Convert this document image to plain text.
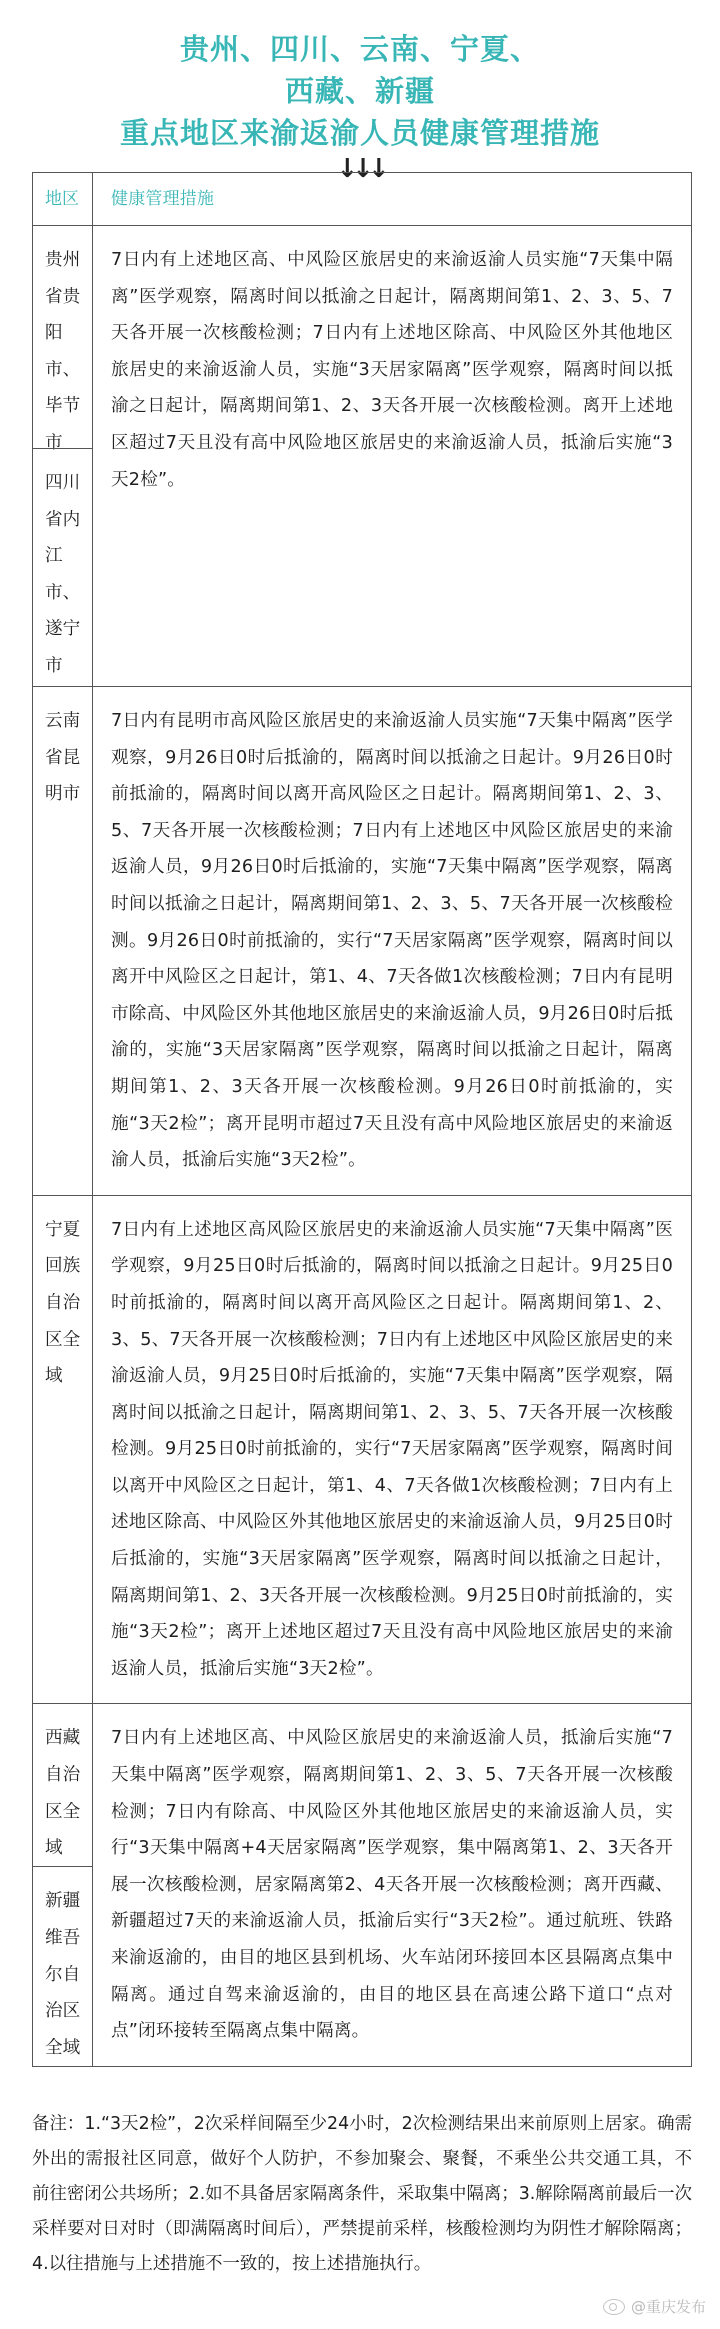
贵州、四川、云南、宁夏、
西藏、新疆
重点地区来渝返渝人员健康管理措施
↓↓↓
地区	健康管理措施
贵州省贵阳市、毕节市
四川省内江市、遂宁市
7日内有上述地区高、中风险区旅居史的来渝返渝人员实施“7天集中隔离”医学观察，隔离时间以抵渝之日起计，隔离期间第1、2、3、5、7天各开展一次核酸检测；7日内有上述地区除高、中风险区外其他地区旅居史的来渝返渝人员，实施“3天居家隔离”医学观察，隔离时间以抵渝之日起计，隔离期间第1、2、3天各开展一次核酸检测。离开上述地区超过7天且没有高中风险地区旅居史的来渝返渝人员，抵渝后实施“3天2检”。
云南省昆明市
7日内有昆明市高风险区旅居史的来渝返渝人员实施“7天集中隔离”医学观察，9月26日0时后抵渝的，隔离时间以抵渝之日起计。9月26日0时前抵渝的，隔离时间以离开高风险区之日起计。隔离期间第1、2、3、5、7天各开展一次核酸检测；7日内有上述地区中风险区旅居史的来渝返渝人员，9月26日0时后抵渝的，实施“7天集中隔离”医学观察，隔离时间以抵渝之日起计，隔离期间第1、2、3、5、7天各开展一次核酸检测。9月26日0时前抵渝的，实行“7天居家隔离”医学观察，隔离时间以离开中风险区之日起计，第1、4、7天各做1次核酸检测；7日内有昆明市除高、中风险区外其他地区旅居史的来渝返渝人员，9月26日0时后抵渝的，实施“3天居家隔离”医学观察，隔离时间以抵渝之日起计，隔离期间第1、2、3天各开展一次核酸检测。9月26日0时前抵渝的，实施“3天2检”；离开昆明市超过7天且没有高中风险地区旅居史的来渝返渝人员，抵渝后实施“3天2检”。
宁夏回族自治区全域
7日内有上述地区高风险区旅居史的来渝返渝人员实施“7天集中隔离”医学观察，9月25日0时后抵渝的，隔离时间以抵渝之日起计。9月25日0时前抵渝的，隔离时间以离开高风险区之日起计。隔离期间第1、2、3、5、7天各开展一次核酸检测；7日内有上述地区中风险区旅居史的来渝返渝人员，9月25日0时后抵渝的，实施“7天集中隔离”医学观察，隔离时间以抵渝之日起计，隔离期间第1、2、3、5、7天各开展一次核酸检测。9月25日0时前抵渝的，实行“7天居家隔离”医学观察，隔离时间以离开中风险区之日起计，第1、4、7天各做1次核酸检测；7日内有上述地区除高、中风险区外其他地区旅居史的来渝返渝人员，9月25日0时后抵渝的，实施“3天居家隔离”医学观察，隔离时间以抵渝之日起计，隔离期间第1、2、3天各开展一次核酸检测。9月25日0时前抵渝的，实施“3天2检”；离开上述地区超过7天且没有高中风险地区旅居史的来渝返渝人员，抵渝后实施“3天2检”。
西藏自治区全域
新疆维吾尔自治区全域
7日内有上述地区高、中风险区旅居史的来渝返渝人员，抵渝后实施“7天集中隔离”医学观察，隔离期间第1、2、3、5、7天各开展一次核酸检测；7日内有除高、中风险区外其他地区旅居史的来渝返渝人员，实行“3天集中隔离+4天居家隔离”医学观察，集中隔离第1、2、3天各开展一次核酸检测，居家隔离第2、4天各开展一次核酸检测；离开西藏、新疆超过7天的来渝返渝人员，抵渝后实行“3天2检”。通过航班、铁路来渝返渝的，由目的地区县到机场、火车站闭环接回本区县隔离点集中隔离。通过自驾来渝返渝的，由目的地区县在高速公路下道口“点对点”闭环接转至隔离点集中隔离。
备注：1.“3天2检”，2次采样间隔至少24小时，2次检测结果出来前原则上居家。确需外出的需报社区同意，做好个人防护，不参加聚会、聚餐，不乘坐公共交通工具，不前往密闭公共场所；2.如不具备居家隔离条件，采取集中隔离；3.解除隔离前最后一次采样要对日对时（即满隔离时间后），严禁提前采样，核酸检测均为阴性才解除隔离；4.以往措施与上述措施不一致的，按上述措施执行。
@重庆发布
